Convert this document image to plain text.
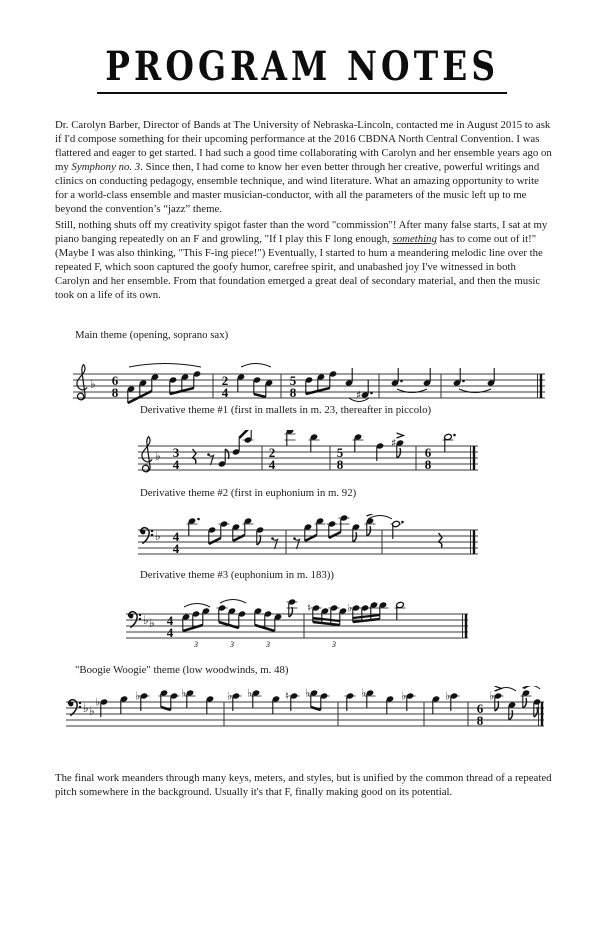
PROGRAM NOTES
Dr. Carolyn Barber, Director of Bands at The University of Nebraska-Lincoln, contacted me in August 2015 to ask
if I'd compose something for their upcoming performance at the 2016 CBDNA North Central Convention. I was
flattered and eager to get started. I had such a good time collaborating with Carolyn and her ensemble years ago on
my Symphony no. 3. Since then, I had come to know her even better through her creative, powerful writings and
clinics on conducting pedagogy, ensemble technique, and wind literature. What an amazing opportunity to write
for a world-class ensemble and master musician-conductor, with all the parameters of the music left up to me
beyond the convention’s “jazz” theme.
Still, nothing shuts off my creativity spigot faster than the word "commission"! After many false starts, I sat at my
piano banging repeatedly on an F and growling, "If I play this F long enough, something has to come out of it!"
(Maybe I was also thinking, "This F-ing piece!") Eventually, I started to hum a meandering melodic line over the
repeated F, which soon captured the goofy humor, carefree spirit, and unabashed joy I've witnessed in both
Carolyn and her ensemble. From that foundation emerged a great deal of secondary material, and then the music
took on a life of its own.
Main theme (opening, soprano sax)
♭ 6
8
2
4
5
8	♯
Derivative theme #1 (first in mallets in m. 23, thereafter in piccolo)
♭ 3
4
2
4
5
8
6
8
♯
Derivative theme #2 (first in euphonium in m. 92)
♭ 4
4
Derivative theme #3 (euphonium in m. 183))
♭ ♭ 4
4
3	3	3	3
♮	♭
"Boogie Woogie" theme (low woodwinds, m. 48)
♭ ♭	6
8
♭	♭	♭	♭ ♭	♮ ♭	♭	♭	♭	♭
The final work meanders through many keys, meters, and styles, but is unified by the common thread of a repeated
pitch somewhere in the background. Usually it's that F, finally making good on its potential.
